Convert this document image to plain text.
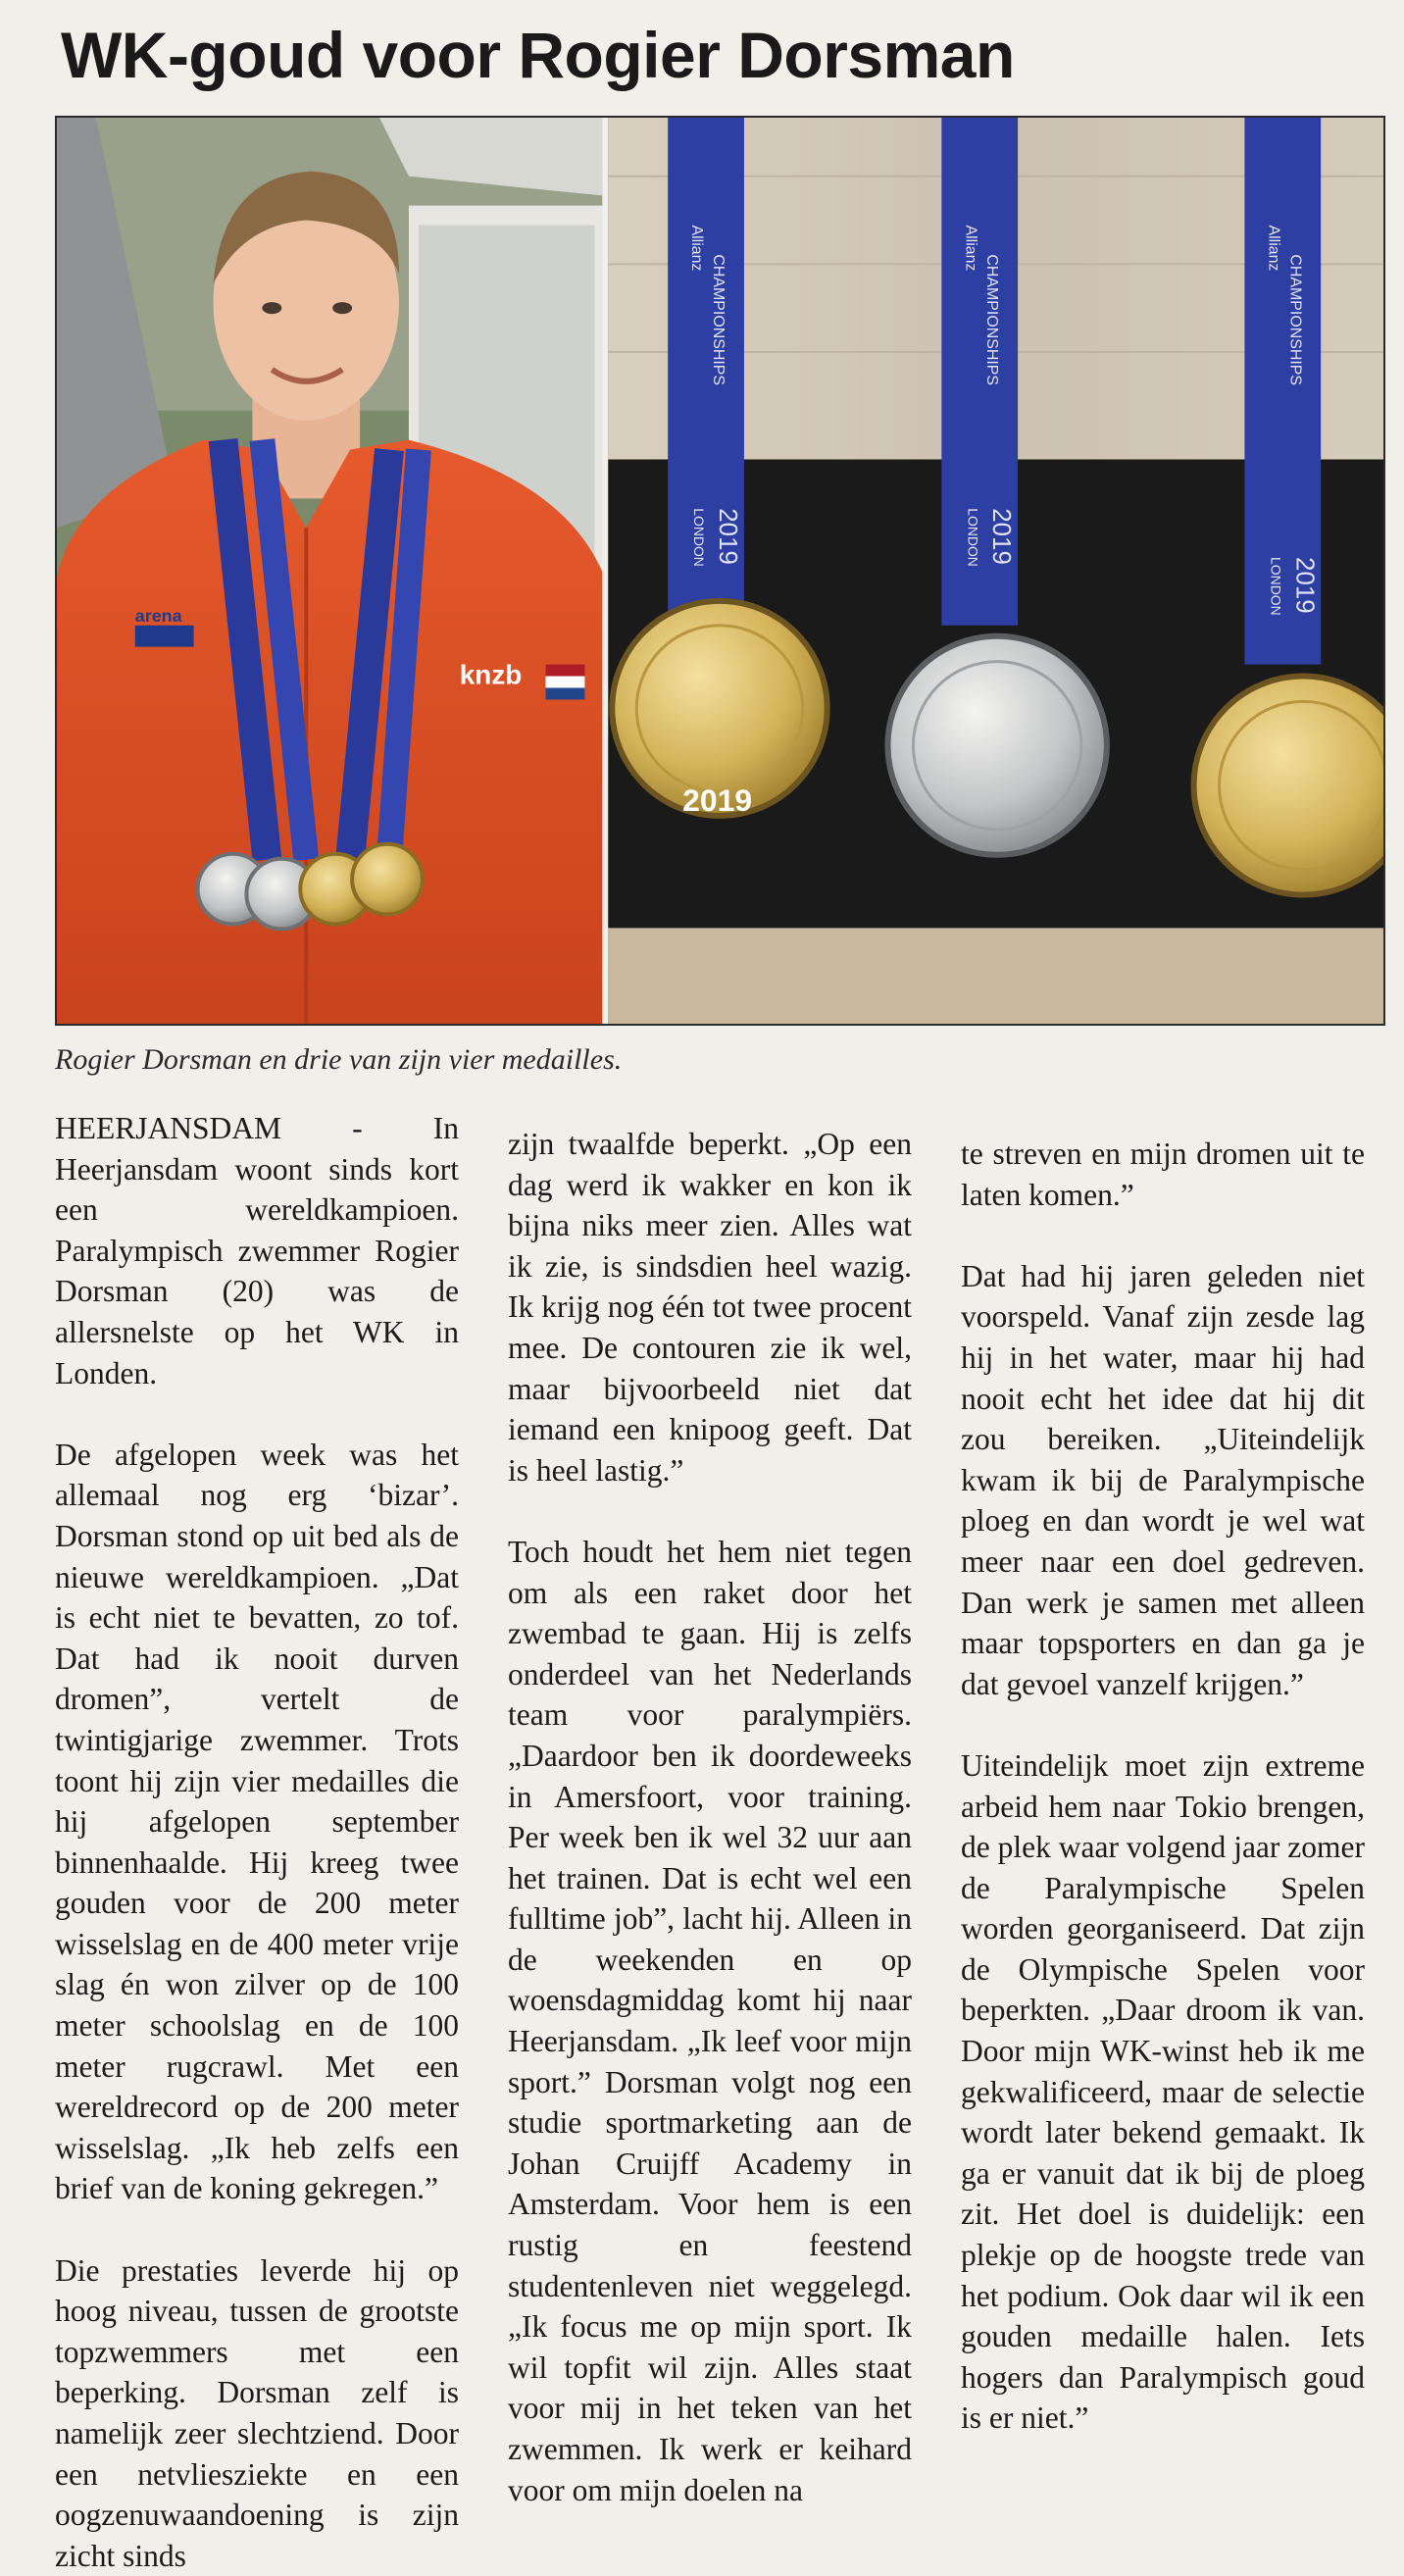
WK-goud voor Rogier Dorsman
arena
knzb
Allianz
CHAMPIONSHIPS
LONDON 2019
2019
Allianz
CHAMPIONSHIPS
LONDON 2019
Allianz
CHAMPIONSHIPS
LONDON 2019
Rogier Dorsman en drie van zijn vier medailles.

HEERJANSDAM - In Heerjansdam woont sinds kort een wereldkampioen. Paralympisch zwemmer Rogier Dorsman (20) was de allersnelste op het WK in Londen.

De afgelopen week was het allemaal nog erg ‘bizar’. Dorsman stond op uit bed als de nieuwe wereldkampioen. „Dat is echt niet te bevatten, zo tof. Dat had ik nooit durven dromen”, vertelt de twintigjarige zwemmer. Trots toont hij zijn vier medailles die hij afgelopen september binnenhaalde. Hij kreeg twee gouden voor de 200 meter wisselslag en de 400 meter vrije slag én won zilver op de 100 meter schoolslag en de 100 meter rugcrawl. Met een wereldrecord op de 200 meter wisselslag. „Ik heb zelfs een brief van de koning gekregen.”

Die prestaties leverde hij op hoog niveau, tussen de grootste topzwemmers met een beperking. Dorsman zelf is namelijk zeer slechtziend. Door een netvliesziekte en een oogzenuwaandoening is zijn zicht sinds

zijn twaalfde beperkt. „Op een dag werd ik wakker en kon ik bijna niks meer zien. Alles wat ik zie, is sindsdien heel wazig. Ik krijg nog één tot twee procent mee. De contouren zie ik wel, maar bijvoorbeeld niet dat iemand een knipoog geeft. Dat is heel lastig.”

Toch houdt het hem niet tegen om als een raket door het zwembad te gaan. Hij is zelfs onderdeel van het Nederlands team voor paralympiërs. „Daardoor ben ik doordeweeks in Amersfoort, voor training. Per week ben ik wel 32 uur aan het trainen. Dat is echt wel een fulltime job”, lacht hij. Alleen in de weekenden en op woensdagmiddag komt hij naar Heerjansdam. „Ik leef voor mijn sport.” Dorsman volgt nog een studie sportmarketing aan de Johan Cruijff Academy in Amsterdam. Voor hem is een rustig en feestend studentenleven niet weggelegd. „Ik focus me op mijn sport. Ik wil topfit wil zijn. Alles staat voor mij in het teken van het zwemmen. Ik werk er keihard voor om mijn doelen na

te streven en mijn dromen uit te laten komen.”

Dat had hij jaren geleden niet voorspeld. Vanaf zijn zesde lag hij in het water, maar hij had nooit echt het idee dat hij dit zou bereiken. „Uiteindelijk kwam ik bij de Paralympische ploeg en dan wordt je wel wat meer naar een doel gedreven. Dan werk je samen met alleen maar topsporters en dan ga je dat gevoel vanzelf krijgen.”

Uiteindelijk moet zijn extreme arbeid hem naar Tokio brengen, de plek waar volgend jaar zomer de Paralympische Spelen worden georganiseerd. Dat zijn de Olympische Spelen voor beperkten. „Daar droom ik van. Door mijn WK-winst heb ik me gekwalificeerd, maar de selectie wordt later bekend gemaakt. Ik ga er vanuit dat ik bij de ploeg zit. Het doel is duidelijk: een plekje op de hoogste trede van het podium. Ook daar wil ik een gouden medaille halen. Iets hogers dan Paralympisch goud is er niet.”
